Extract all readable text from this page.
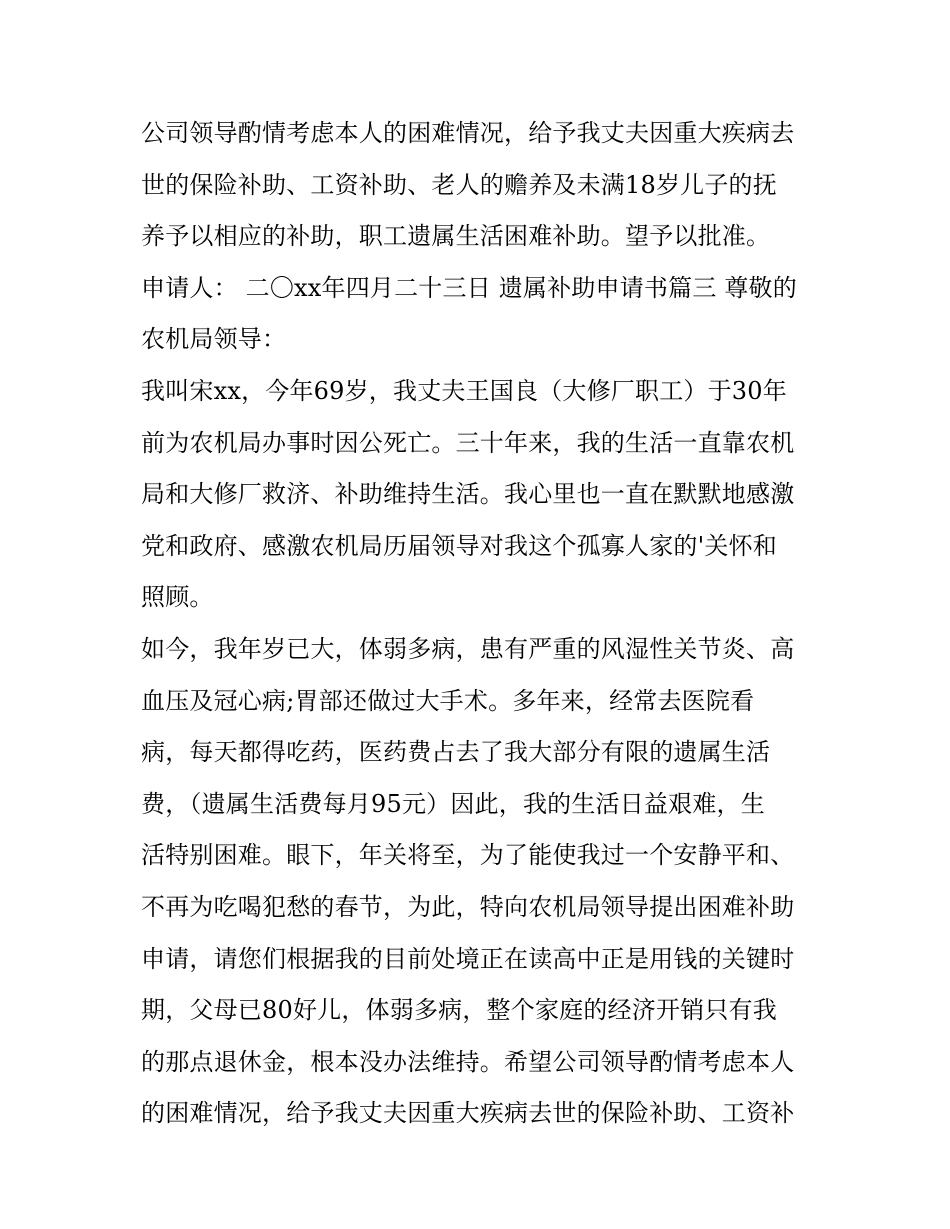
公司领导酌情考虑本人的困难情况，给予我丈夫因重大疾病去
世的保险补助、工资补助、老人的赡养及未满18岁儿子的抚
养予以相应的补助，职工遗属生活困难补助。望予以批准。
申请人： 二〇xx年四月二十三日 遗属补助申请书篇三 尊敬的
农机局领导：
我叫宋xx，今年69岁，我丈夫王国良（大修厂职工）于30年
前为农机局办事时因公死亡。三十年来，我的生活一直靠农机
局和大修厂救济、补助维持生活。我心里也一直在默默地感激
党和政府、感激农机局历届领导对我这个孤寡人家的'关怀和
照顾。
如今，我年岁已大，体弱多病，患有严重的风湿性关节炎、高
血压及冠心病;胃部还做过大手术。多年来，经常去医院看
病，每天都得吃药，医药费占去了我大部分有限的遗属生活
费，（遗属生活费每月95元）因此，我的生活日益艰难，生
活特别困难。眼下，年关将至，为了能使我过一个安静平和、
不再为吃喝犯愁的春节，为此，特向农机局领导提出困难补助
申请，请您们根据我的目前处境正在读高中正是用钱的关键时
期，父母已80好儿，体弱多病，整个家庭的经济开销只有我
的那点退休金，根本没办法维持。希望公司领导酌情考虑本人
的困难情况，给予我丈夫因重大疾病去世的保险补助、工资补
